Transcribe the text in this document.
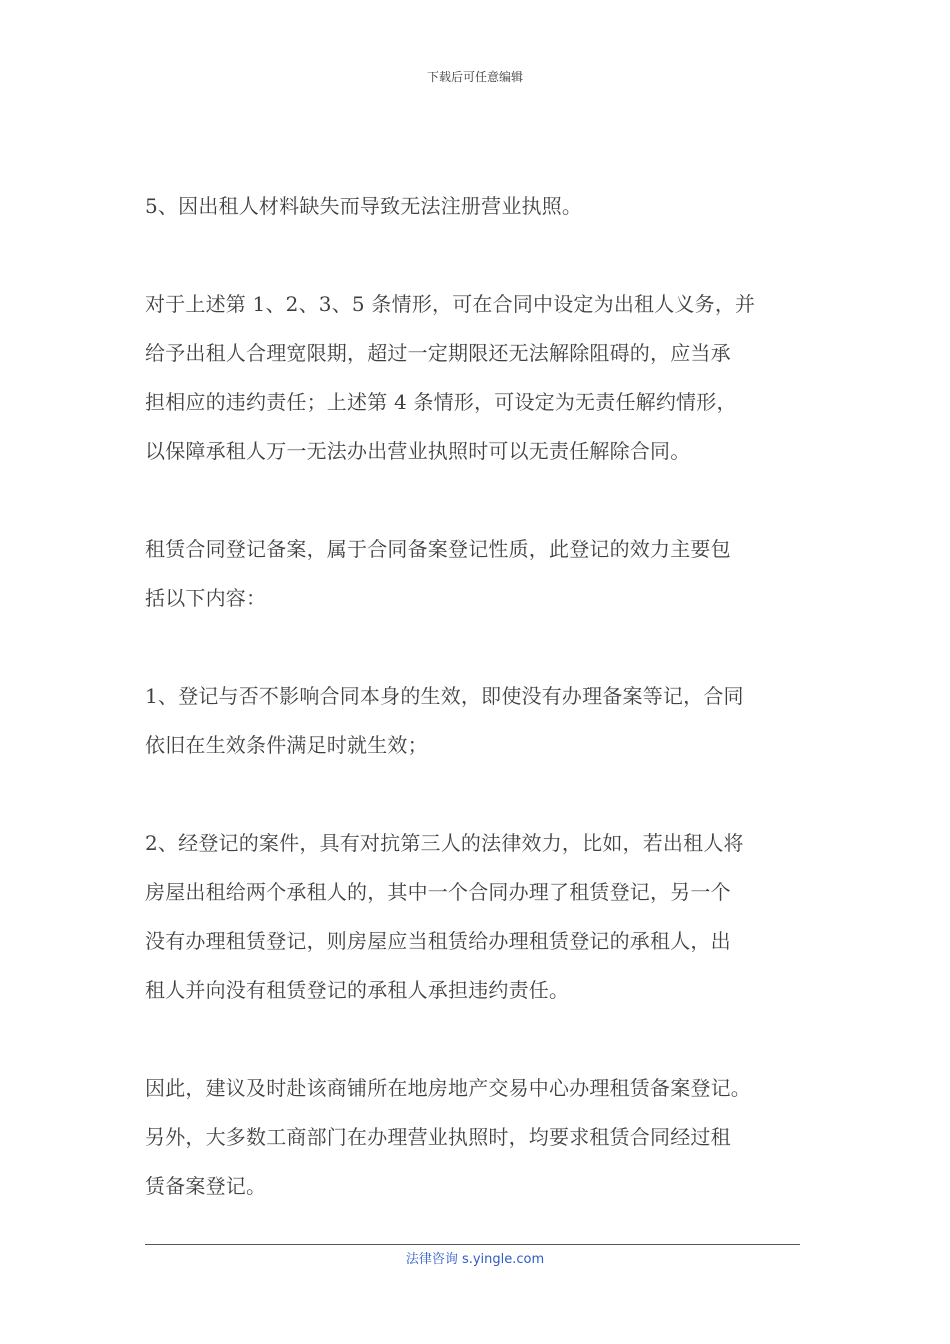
下载后可任意编辑

5、因出租人材料缺失而导致无法注册营业执照。

对于上述第 1、2、3、5 条情形，可在合同中设定为出租人义务，并
给予出租人合理宽限期，超过一定期限还无法解除阻碍的，应当承
担相应的违约责任；上述第 4 条情形，可设定为无责任解约情形，
以保障承租人万一无法办出营业执照时可以无责任解除合同。

租赁合同登记备案，属于合同备案登记性质，此登记的效力主要包
括以下内容：

1、登记与否不影响合同本身的生效，即使没有办理备案等记，合同
依旧在生效条件满足时就生效；

2、经登记的案件，具有对抗第三人的法律效力，比如，若出租人将
房屋出租给两个承租人的，其中一个合同办理了租赁登记，另一个
没有办理租赁登记，则房屋应当租赁给办理租赁登记的承租人，出
租人并向没有租赁登记的承租人承担违约责任。

因此，建议及时赴该商铺所在地房地产交易中心办理租赁备案登记。
另外，大多数工商部门在办理营业执照时，均要求租赁合同经过租
赁备案登记。

法律咨询 s.yingle.com
